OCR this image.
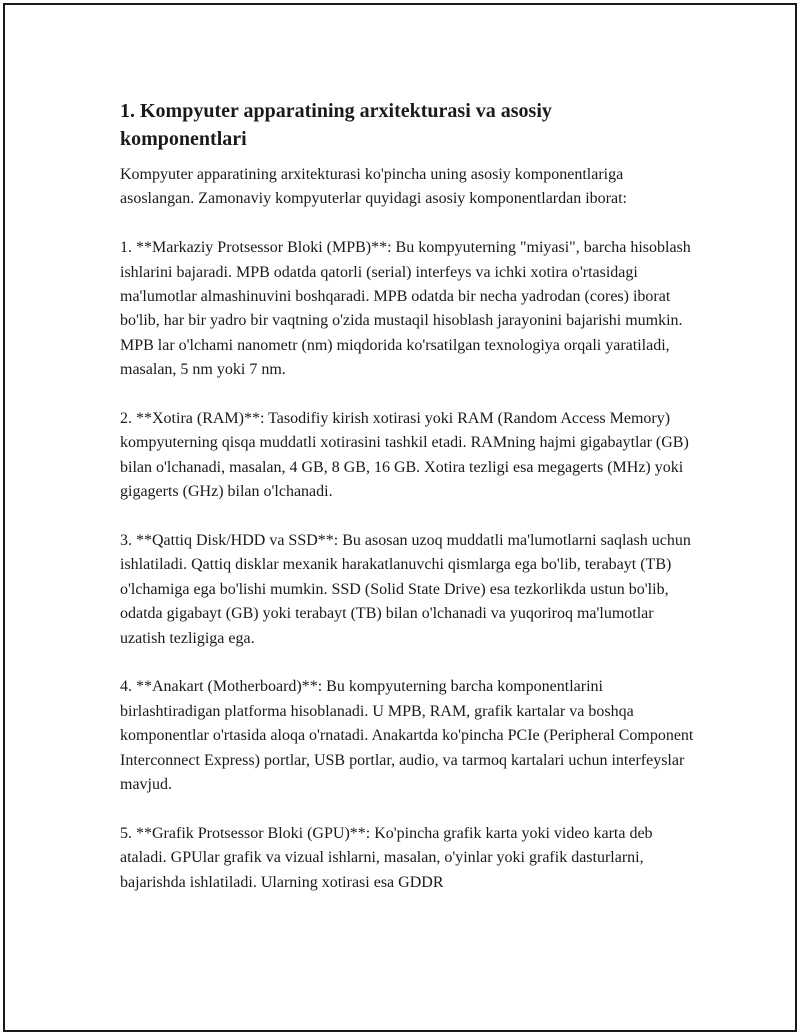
1. Kompyuter apparatining arxitekturasi va asosiy komponentlari

Kompyuter apparatining arxitekturasi ko'pincha uning asosiy komponentlariga asoslangan. Zamonaviy kompyuterlar quyidagi asosiy komponentlardan iborat:

1. **Markaziy Protsessor Bloki (MPB)**: Bu kompyuterning "miyasi", barcha hisoblash ishlarini bajaradi. MPB odatda qatorli (serial) interfeys va ichki xotira o'rtasidagi ma'lumotlar almashinuvini boshqaradi. MPB odatda bir necha yadrodan (cores) iborat bo'lib, har bir yadro bir vaqtning o'zida mustaqil hisoblash jarayonini bajarishi mumkin. MPB lar o'lchami nanometr (nm) miqdorida ko'rsatilgan texnologiya orqali yaratiladi, masalan, 5 nm yoki 7 nm.

2. **Xotira (RAM)**: Tasodifiy kirish xotirasi yoki RAM (Random Access Memory) kompyuterning qisqa muddatli xotirasini tashkil etadi. RAMning hajmi gigabaytlar (GB) bilan o'lchanadi, masalan, 4 GB, 8 GB, 16 GB. Xotira tezligi esa megagerts (MHz) yoki gigagerts (GHz) bilan o'lchanadi.

3. **Qattiq Disk/HDD va SSD**: Bu asosan uzoq muddatli ma'lumotlarni saqlash uchun ishlatiladi. Qattiq disklar mexanik harakatlanuvchi qismlarga ega bo'lib, terabayt (TB) o'lchamiga ega bo'lishi mumkin. SSD (Solid State Drive) esa tezkorlikda ustun bo'lib, odatda gigabayt (GB) yoki terabayt (TB) bilan o'lchanadi va yuqoriroq ma'lumotlar uzatish tezligiga ega.

4. **Anakart (Motherboard)**: Bu kompyuterning barcha komponentlarini birlashtiradigan platforma hisoblanadi. U MPB, RAM, grafik kartalar va boshqa komponentlar o'rtasida aloqa o'rnatadi. Anakartda ko'pincha PCIe (Peripheral Component Interconnect Express) portlar, USB portlar, audio, va tarmoq kartalari uchun interfeyslar mavjud.

5. **Grafik Protsessor Bloki (GPU)**: Ko'pincha grafik karta yoki video karta deb ataladi. GPUlar grafik va vizual ishlarni, masalan, o'yinlar yoki grafik dasturlarni, bajarishda ishlatiladi. Ularning xotirasi esa GDDR
